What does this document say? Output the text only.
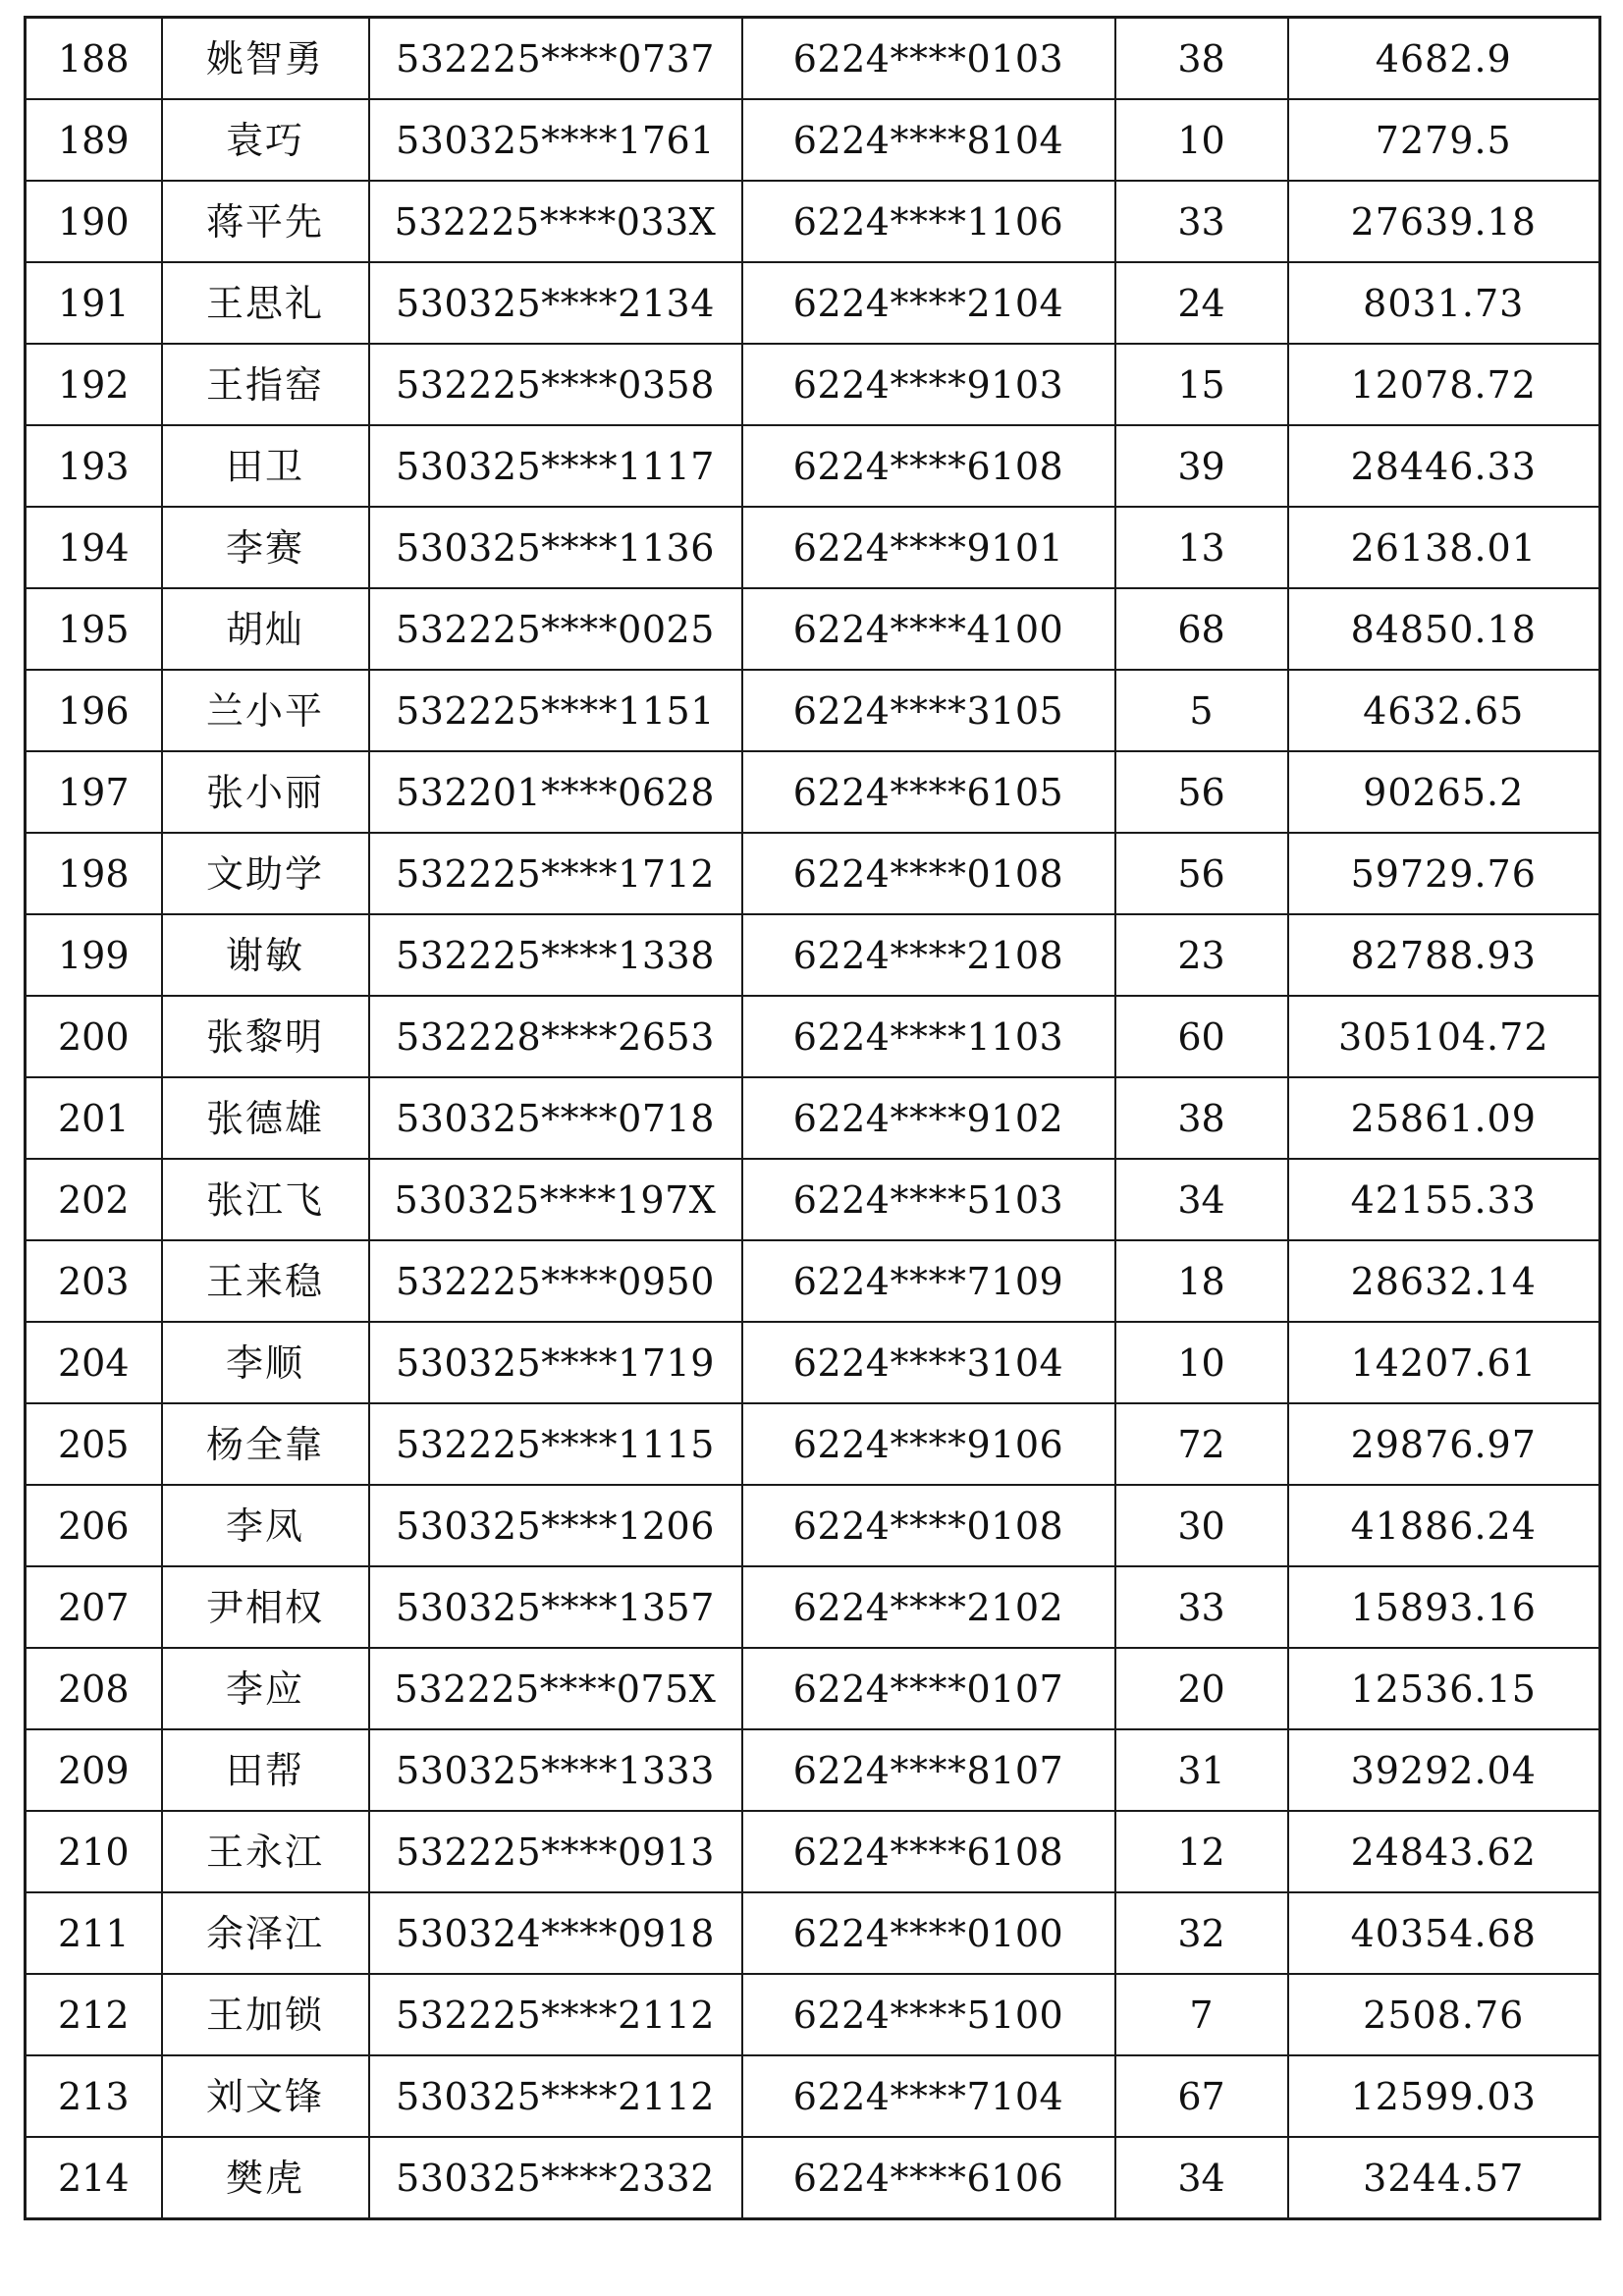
188	姚智勇	532225****0737	6224****0103	38	4682.9
189	袁巧	530325****1761	6224****8104	10	7279.5
190	蒋平先	532225****033X	6224****1106	33	27639.18
191	王思礼	530325****2134	6224****2104	24	8031.73
192	王指窑	532225****0358	6224****9103	15	12078.72
193	田卫	530325****1117	6224****6108	39	28446.33
194	李赛	530325****1136	6224****9101	13	26138.01
195	胡灿	532225****0025	6224****4100	68	84850.18
196	兰小平	532225****1151	6224****3105	5	4632.65
197	张小丽	532201****0628	6224****6105	56	90265.2
198	文助学	532225****1712	6224****0108	56	59729.76
199	谢敏	532225****1338	6224****2108	23	82788.93
200	张黎明	532228****2653	6224****1103	60	305104.72
201	张德雄	530325****0718	6224****9102	38	25861.09
202	张江飞	530325****197X	6224****5103	34	42155.33
203	王来稳	532225****0950	6224****7109	18	28632.14
204	李顺	530325****1719	6224****3104	10	14207.61
205	杨全靠	532225****1115	6224****9106	72	29876.97
206	李凤	530325****1206	6224****0108	30	41886.24
207	尹相权	530325****1357	6224****2102	33	15893.16
208	李应	532225****075X	6224****0107	20	12536.15
209	田帮	530325****1333	6224****8107	31	39292.04
210	王永江	532225****0913	6224****6108	12	24843.62
211	余泽江	530324****0918	6224****0100	32	40354.68
212	王加锁	532225****2112	6224****5100	7	2508.76
213	刘文锋	530325****2112	6224****7104	67	12599.03
214	樊虎	530325****2332	6224****6106	34	3244.57
